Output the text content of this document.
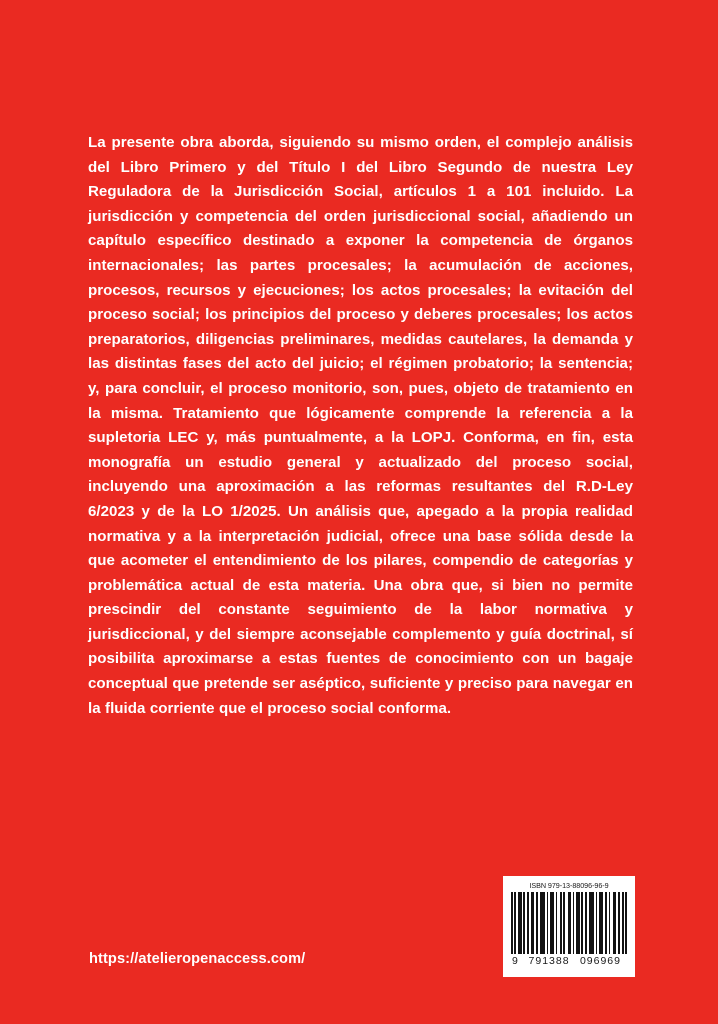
La presente obra aborda, siguiendo su mismo orden, el complejo análisis del Libro Primero y del Título I del Libro Segundo de nuestra Ley Reguladora de la Jurisdicción Social, artículos 1 a 101 incluido. La jurisdicción y competencia del orden jurisdiccional social, añadiendo un capítulo específico destinado a exponer la competencia de órganos internacionales; las partes procesales; la acumulación de acciones, procesos, recursos y ejecuciones; los actos procesales; la evitación del proceso social; los principios del proceso y deberes procesales; los actos preparatorios, diligencias preliminares, medidas cautelares, la demanda y las distintas fases del acto del juicio; el régimen probatorio; la sentencia; y, para concluir, el proceso monitorio, son, pues, objeto de tratamiento en la misma. Tratamiento que lógicamente comprende la referencia a la supletoria LEC y, más puntualmente, a la LOPJ. Conforma, en fin, esta monografía un estudio general y actualizado del proceso social, incluyendo una aproximación a las reformas resultantes del R.D-Ley 6/2023 y de la LO 1/2025. Un análisis que, apegado a la propia realidad normativa y a la interpretación judicial, ofrece una base sólida desde la que acometer el entendimiento de los pilares, compendio de categorías y problemática actual de esta materia. Una obra que, si bien no permite prescindir del constante seguimiento de la labor normativa y jurisdiccional, y del siempre aconsejable complemento y guía doctrinal, sí posibilita aproximarse a estas fuentes de conocimiento con un bagaje conceptual que pretende ser aséptico, suficiente y preciso para navegar en la fluida corriente que el proceso social conforma.

https://atelieropenaccess.com/
ISBN 979-13-88096-96-9
9 791388 096969
